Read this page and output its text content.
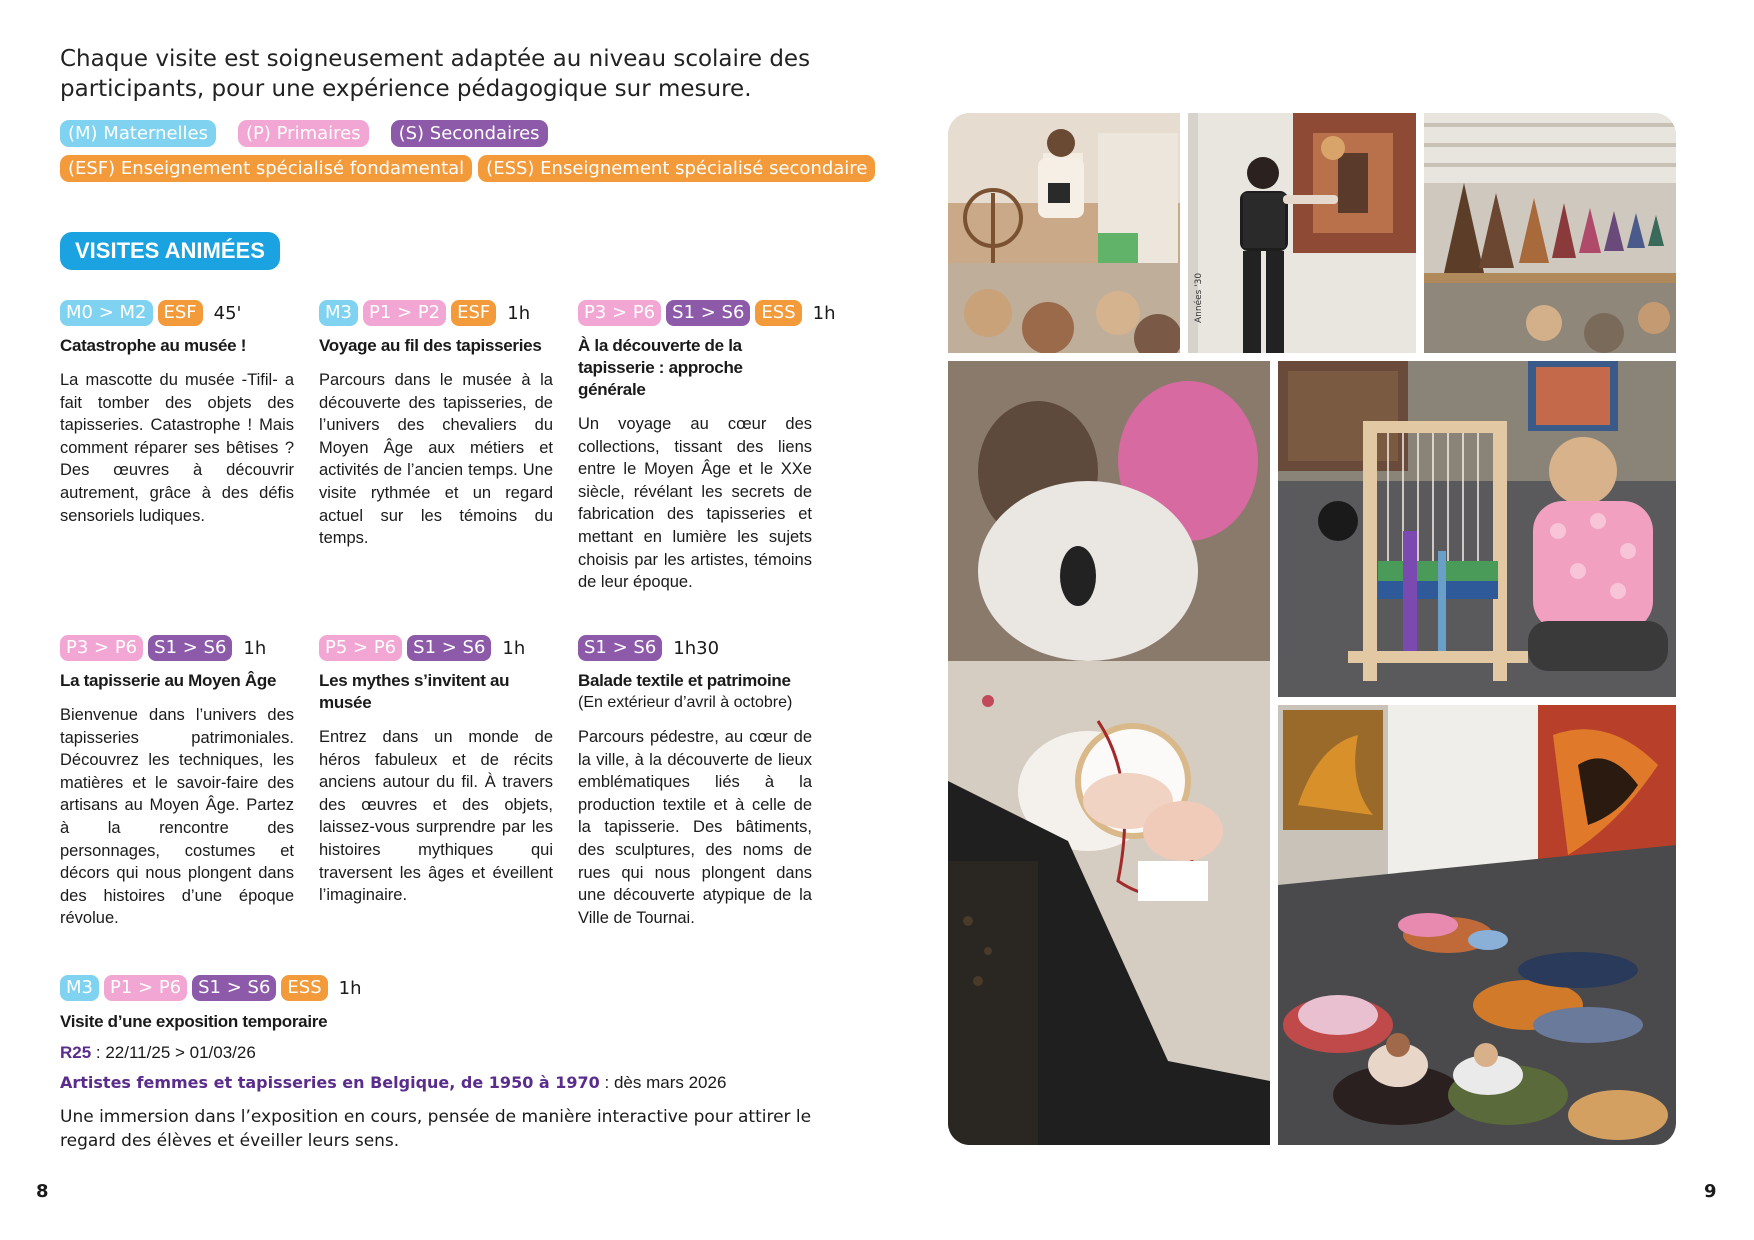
Chaque visite est soigneusement adaptée au niveau scolaire des participants, pour une expérience pédagogique sur mesure.

(M) Maternelles	(P) Primaires	(S) Secondaires
(ESF) Enseignement spécialisé fondamental	(ESS) Enseignement spécialisé secondaire
VISITES ANIMÉES
M0 > M2 ESF 45'
Catastrophe au musée !
La mascotte du musée -Tifil- a fait tomber des objets des tapisseries. Catastrophe ! Mais comment réparer ses bêtises ? Des œuvres à découvrir autrement, grâce à des défis sensoriels ludiques.
M3 P1 > P2 ESF 1h
Voyage au fil des tapisseries
Parcours dans le musée à la découverte des tapisseries, de l’univers des chevaliers du Moyen Âge aux métiers et activités de l’ancien temps. Une visite rythmée et un regard actuel sur les témoins du temps.
P3 > P6 S1 > S6 ESS 1h
À la découverte de la tapisserie : approche générale
Un voyage au cœur des collections, tissant des liens entre le Moyen Âge et le XXe siècle, révélant les secrets de fabrication des tapisseries et mettant en lumière les sujets choisis par les artistes, témoins de leur époque.
P3 > P6 S1 > S6 1h
La tapisserie au Moyen Âge
Bienvenue dans l’univers des tapisseries patrimoniales. Découvrez les techniques, les matières et le savoir-faire des artisans au Moyen Âge. Partez à la rencontre des personnages, costumes et décors qui nous plongent dans des histoires d’une époque révolue.
P5 > P6 S1 > S6 1h
Les mythes s’invitent au musée
Entrez dans un monde de héros fabuleux et de récits anciens autour du fil. À travers des œuvres et des objets, laissez-vous surprendre par les histoires mythiques qui traversent les âges et éveillent l’imaginaire.
S1 > S6 1h30
Balade textile et patrimoine
(En extérieur d’avril à octobre)
Parcours pédestre, au cœur de la ville, à la découverte de lieux emblématiques liés à la production textile et à celle de la tapisserie. Des bâtiments, des sculptures, des noms de rues qui nous plongent dans une découverte atypique de la Ville de Tournai.
M3 P1 > P6 S1 > S6 ESS 1h
Visite d’une exposition temporaire
R25 : 22/11/25 > 01/03/26
Artistes femmes et tapisseries en Belgique, de 1950 à 1970 : dès mars 2026
Une immersion dans l’exposition en cours, pensée de manière interactive pour attirer le regard des élèves et éveiller leurs sens.
8	9
Années '30
